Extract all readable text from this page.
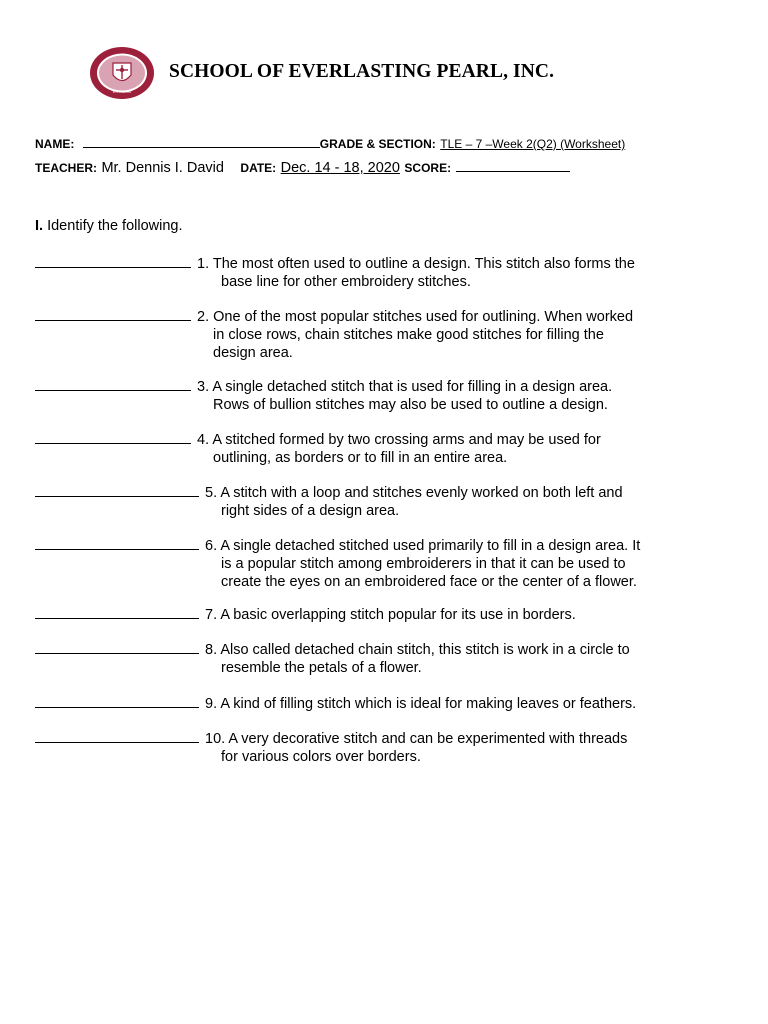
EST. 2000
SCHOOL OF EVERLASTING PEARL, INC.
NAME:	GRADE & SECTION: TLE – 7 –Week 2(Q2) (Worksheet)
TEACHER: Mr. Dennis I. David DATE: Dec. 14 - 18, 2020 SCORE:
I. Identify the following.
1. The most often used to outline a design. This stitch also forms the
base line for other embroidery stitches.
2. One of the most popular stitches used for outlining. When worked
in close rows, chain stitches make good stitches for filling the
design area.
3. A single detached stitch that is used for filling in a design area.
Rows of bullion stitches may also be used to outline a design.
4. A stitched formed by two crossing arms and may be used for
outlining, as borders or to fill in an entire area.
5. A stitch with a loop and stitches evenly worked on both left and
right sides of a design area.
6. A single detached stitched used primarily to fill in a design area. It
is a popular stitch among embroiderers in that it can be used to
create the eyes on an embroidered face or the center of a flower.
7. A basic overlapping stitch popular for its use in borders.
8. Also called detached chain stitch, this stitch is work in a circle to
resemble the petals of a flower.
9. A kind of filling stitch which is ideal for making leaves or feathers.
10. A very decorative stitch and can be experimented with threads
for various colors over borders.
